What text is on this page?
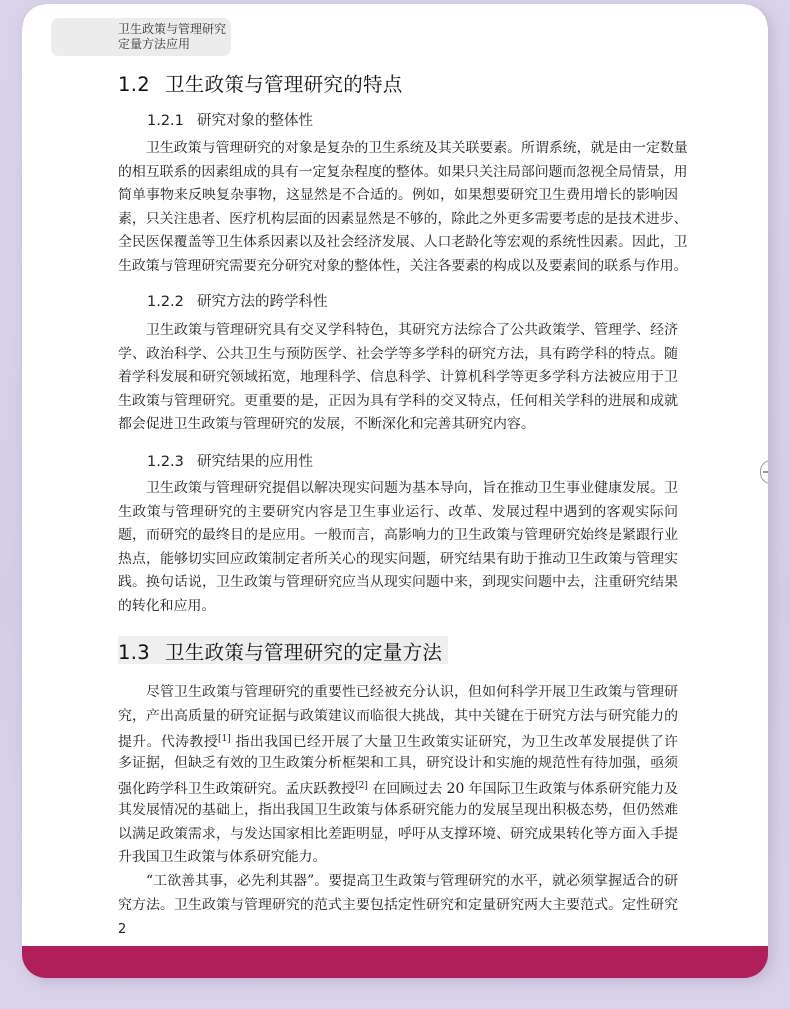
卫生政策与管理研究
定量方法应用
1.2 卫生政策与管理研究的特点
1.2.1 研究对象的整体性
卫生政策与管理研究的对象是复杂的卫生系统及其关联要素。所谓系统，就是由一定数量
的相互联系的因素组成的具有一定复杂程度的整体。如果只关注局部问题而忽视全局情景，用
简单事物来反映复杂事物，这显然是不合适的。例如，如果想要研究卫生费用增长的影响因
素，只关注患者、医疗机构层面的因素显然是不够的，除此之外更多需要考虑的是技术进步、
全民医保覆盖等卫生体系因素以及社会经济发展、人口老龄化等宏观的系统性因素。因此，卫
生政策与管理研究需要充分研究对象的整体性，关注各要素的构成以及要素间的联系与作用。
1.2.2 研究方法的跨学科性
卫生政策与管理研究具有交叉学科特色，其研究方法综合了公共政策学、管理学、经济
学、政治科学、公共卫生与预防医学、社会学等多学科的研究方法，具有跨学科的特点。随
着学科发展和研究领域拓宽，地理科学、信息科学、计算机科学等更多学科方法被应用于卫
生政策与管理研究。更重要的是，正因为具有学科的交叉特点，任何相关学科的进展和成就
都会促进卫生政策与管理研究的发展，不断深化和完善其研究内容。
1.2.3 研究结果的应用性
卫生政策与管理研究提倡以解决现实问题为基本导向，旨在推动卫生事业健康发展。卫
生政策与管理研究的主要研究内容是卫生事业运行、改革、发展过程中遇到的客观实际问
题，而研究的最终目的是应用。一般而言，高影响力的卫生政策与管理研究始终是紧跟行业
热点，能够切实回应政策制定者所关心的现实问题，研究结果有助于推动卫生政策与管理实
践。换句话说，卫生政策与管理研究应当从现实问题中来，到现实问题中去，注重研究结果
的转化和应用。
1.3 卫生政策与管理研究的定量方法
尽管卫生政策与管理研究的重要性已经被充分认识，但如何科学开展卫生政策与管理研
究，产出高质量的研究证据与政策建议而临很大挑战，其中关键在于研究方法与研究能力的
提升。代涛教授[1] 指出我国已经开展了大量卫生政策实证研究，为卫生改革发展提供了许
多证据，但缺乏有效的卫生政策分析框架和工具，研究设计和实施的规范性有待加强，亟须
强化跨学科卫生政策研究。孟庆跃教授[2] 在回顾过去 20 年国际卫生政策与体系研究能力及
其发展情况的基础上，指出我国卫生政策与体系研究能力的发展呈现出积极态势，但仍然难
以满足政策需求，与发达国家相比差距明显，呼吁从支撑环境、研究成果转化等方面入手提
升我国卫生政策与体系研究能力。
“工欲善其事，必先利其器”。要提高卫生政策与管理研究的水平，就必须掌握适合的研
究方法。卫生政策与管理研究的范式主要包括定性研究和定量研究两大主要范式。定性研究
2
